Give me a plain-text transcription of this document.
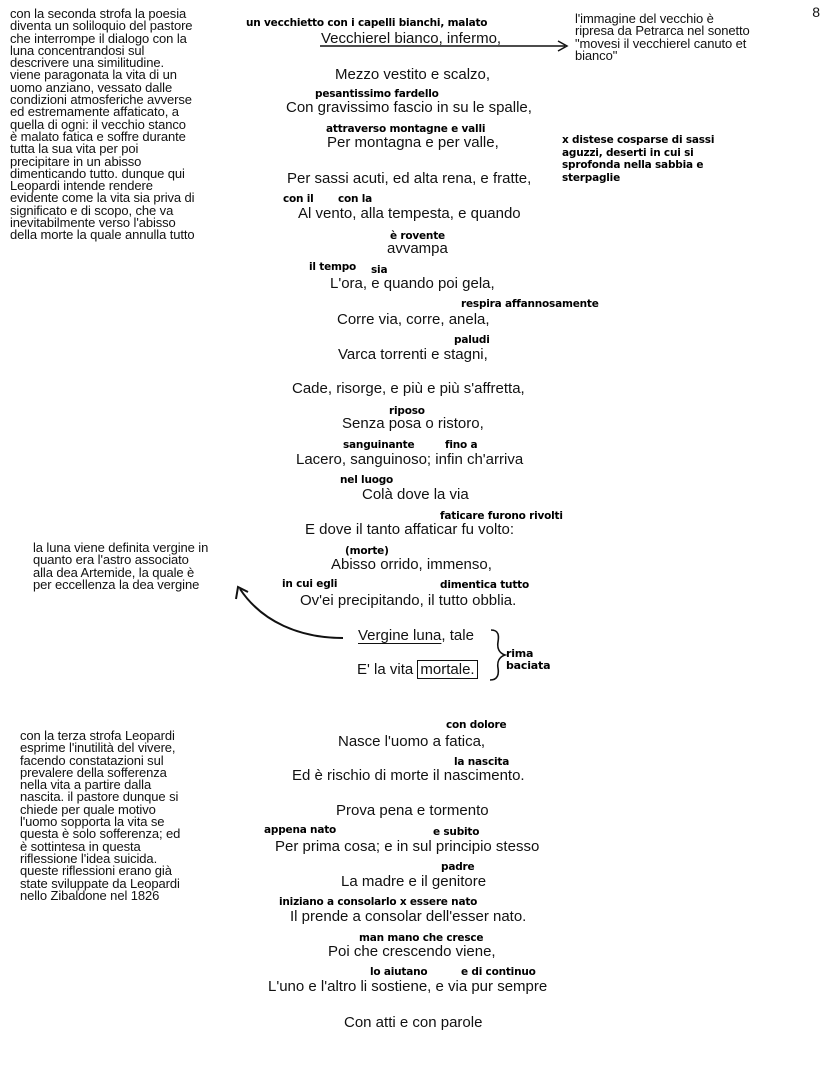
8
con la seconda strofa la poesia
diventa un soliloquio del pastore
che interrompe il dialogo con la
luna concentrandosi sul
descrivere una similitudine.
viene paragonata la vita di un
uomo anziano, vessato dalle
condizioni atmosferiche avverse
ed estremamente affaticato, a
quella di ogni: il vecchio stanco
è malato fatica e soffre durante
tutta la sua vita per poi
precipitare in un abisso
dimenticando tutto. dunque qui
Leopardi intende rendere
evidente come la vita sia priva di
significato e di scopo, che va
inevitabilmente verso l'abisso
della morte la quale annulla tutto
la luna viene definita vergine in
quanto era l'astro associato
alla dea Artemide, la quale è
per eccellenza la dea vergine
con la terza strofa Leopardi
esprime l'inutilità del vivere,
facendo constatazioni sul
prevalere della sofferenza
nella vita a partire dalla
nascita. il pastore dunque si
chiede per quale motivo
l'uomo sopporta la vita se
questa è solo sofferenza; ed
è sottintesa in questa
riflessione l'idea suicida.
queste riflessioni erano già
state sviluppate da Leopardi
nello Zibaldone nel 1826
l'immagine del vecchio è
ripresa da Petrarca nel sonetto
"movesi il vecchierel canuto et
bianco"
x distese cosparse di sassi
aguzzi, deserti in cui si
sprofonda nella sabbia e
sterpaglie
rima
baciata
Vecchierel bianco, infermo,
Mezzo vestito e scalzo,
Con gravissimo fascio in su le spalle,
Per montagna e per valle,
Per sassi acuti, ed alta rena, e fratte,
Al vento, alla tempesta, e quando
avvampa
L'ora, e quando poi gela,
Corre via, corre, anela,
Varca torrenti e stagni,
Cade, risorge, e più e più s'affretta,
Senza posa o ristoro,
Lacero, sanguinoso; infin ch'arriva
Colà dove la via
E dove il tanto affaticar fu volto:
Abisso orrido, immenso,
Ov'ei precipitando, il tutto obblia.
Vergine luna, tale
E' la vita mortale.
Nasce l'uomo a fatica,
Ed è rischio di morte il nascimento.
Prova pena e tormento
Per prima cosa; e in sul principio stesso
La madre e il genitore
Il prende a consolar dell'esser nato.
Poi che crescendo viene,
L'uno e l'altro li sostiene, e via pur sempre
Con atti e con parole
un vecchietto con i capelli bianchi, malato
pesantissimo fardello
attraverso montagne e valli
con il con la
è rovente
il tempo sia
respira affannosamente
paludi
riposo
sanguinante	fino a
nel luogo
faticare furono rivolti
(morte)
in cui egli	dimentica tutto
con dolore
la nascita
appena nato	e subito
padre
iniziano a consolarlo x essere nato
man mano che cresce
lo aiutano	e di continuo
